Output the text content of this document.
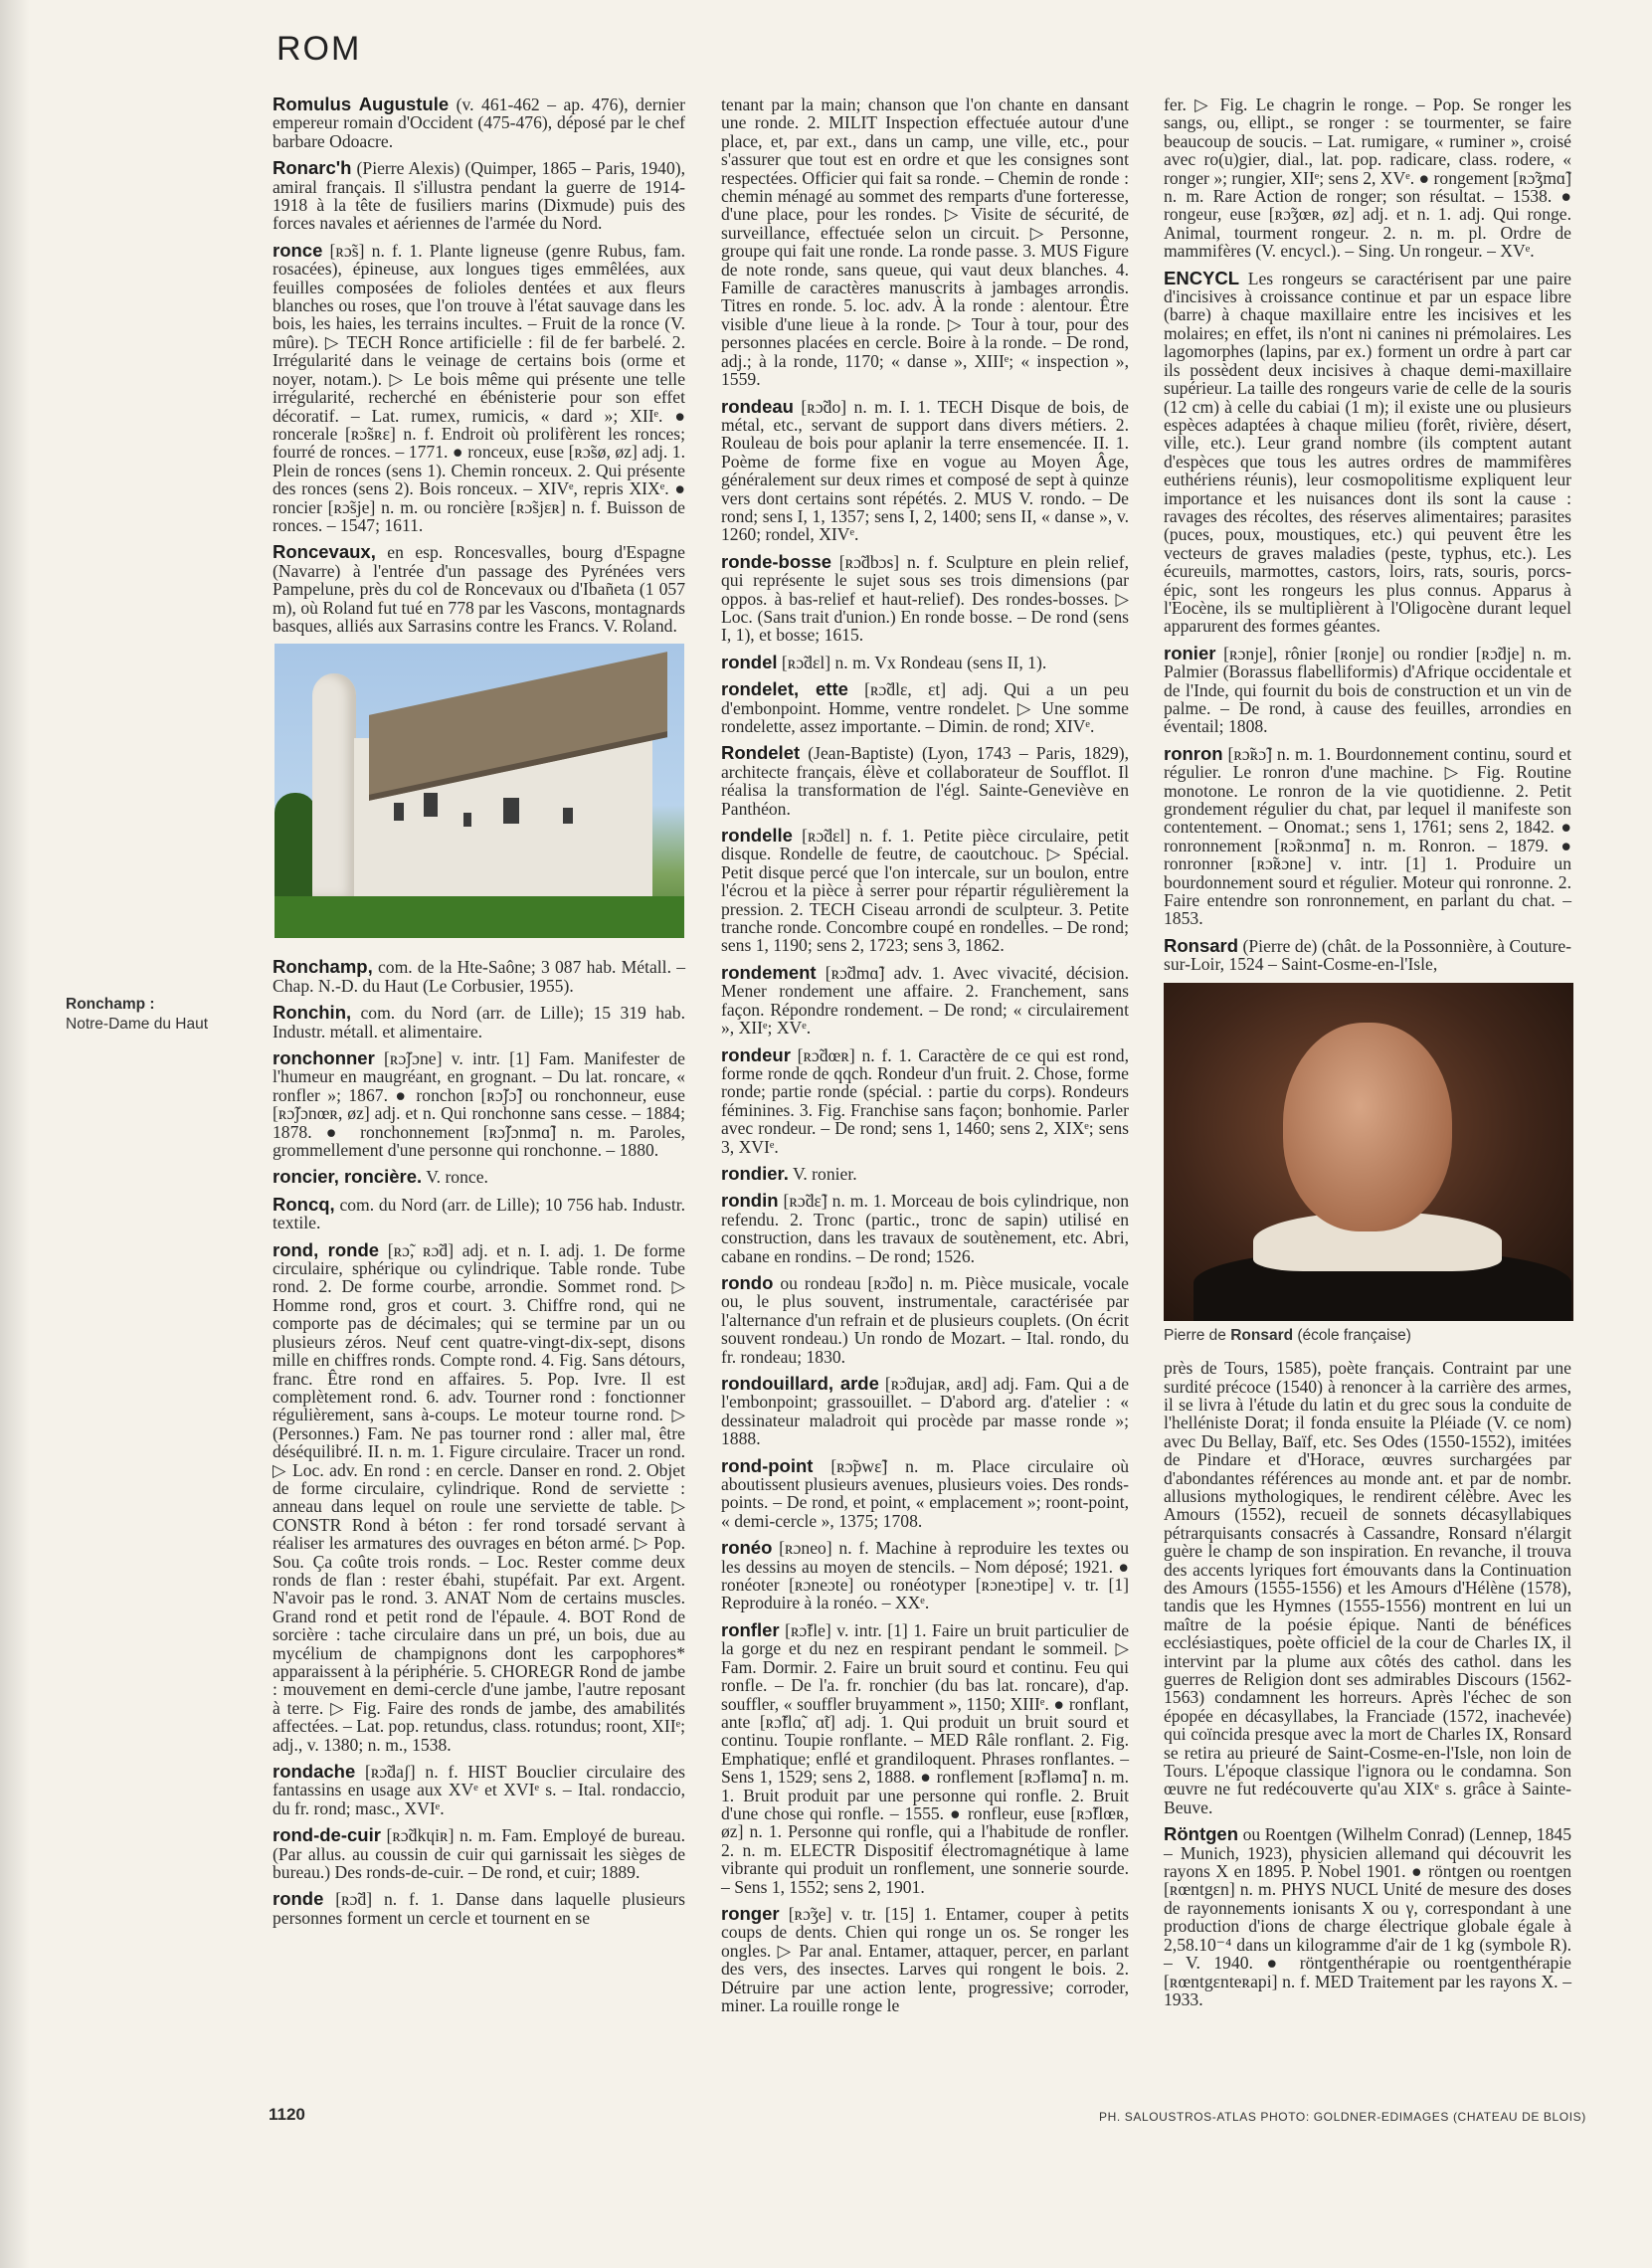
ROM

Romulus Augustule (v. 461-462 – ap. 476), dernier empereur romain d'Occident (475-476), déposé par le chef barbare Odoacre.

Ronarc'h (Pierre Alexis) (Quimper, 1865 – Paris, 1940), amiral français. Il s'illustra pendant la guerre de 1914-1918 à la tête de fusiliers marins (Dixmude) puis des forces navales et aériennes de l'armée du Nord.

ronce [ʀɔ̃s] n. f. 1. Plante ligneuse (genre Rubus, fam. rosacées), épineuse, aux longues tiges emmêlées, aux feuilles composées de folioles dentées et aux fleurs blanches ou roses, que l'on trouve à l'état sauvage dans les bois, les haies, les terrains incultes. – Fruit de la ronce (V. mûre). ▷ TECH Ronce artificielle : fil de fer barbelé. 2. Irrégularité dans le veinage de certains bois (orme et noyer, notam.). ▷ Le bois même qui présente une telle irrégularité, recherché en ébénisterie pour son effet décoratif. – Lat. rumex, rumicis, « dard »; XIIᵉ. ● roncerale [ʀɔ̃sʀɛ] n. f. Endroit où prolifèrent les ronces; fourré de ronces. – 1771. ● ronceux, euse [ʀɔ̃sø, øz] adj. 1. Plein de ronces (sens 1). Chemin ronceux. 2. Qui présente des ronces (sens 2). Bois ronceux. – XIVᵉ, repris XIXᵉ. ● roncier [ʀɔ̃sje] n. m. ou roncière [ʀɔ̃sjɛʀ] n. f. Buisson de ronces. – 1547; 1611.

Roncevaux, en esp. Roncesvalles, bourg d'Espagne (Navarre) à l'entrée d'un passage des Pyrénées vers Pampelune, près du col de Roncevaux ou d'Ibañeta (1 057 m), où Roland fut tué en 778 par les Vascons, montagnards basques, alliés aux Sarrasins contre les Francs. V. Roland.

Ronchamp, com. de la Hte-Saône; 3 087 hab. Métall. – Chap. N.-D. du Haut (Le Corbusier, 1955).

Ronchin, com. du Nord (arr. de Lille); 15 319 hab. Industr. métall. et alimentaire.

ronchonner [ʀɔ̃ʃɔne] v. intr. [1] Fam. Manifester de l'humeur en maugréant, en grognant. – Du lat. roncare, « ronfler »; 1867. ● ronchon [ʀɔ̃ʃɔ̃] ou ronchonneur, euse [ʀɔ̃ʃɔnœʀ, øz] adj. et n. Qui ronchonne sans cesse. – 1884; 1878. ● ronchonnement [ʀɔ̃ʃɔnmɑ̃] n. m. Paroles, grommellement d'une personne qui ronchonne. – 1880.

roncier, roncière. V. ronce.

Roncq, com. du Nord (arr. de Lille); 10 756 hab. Industr. textile.

rond, ronde [ʀɔ̃, ʀɔ̃d] adj. et n. I. adj. 1. De forme circulaire, sphérique ou cylindrique. Table ronde. Tube rond. 2. De forme courbe, arrondie. Sommet rond. ▷ Homme rond, gros et court. 3. Chiffre rond, qui ne comporte pas de décimales; qui se termine par un ou plusieurs zéros. Neuf cent quatre-vingt-dix-sept, disons mille en chiffres ronds. Compte rond. 4. Fig. Sans détours, franc. Être rond en affaires. 5. Pop. Ivre. Il est complètement rond. 6. adv. Tourner rond : fonctionner régulièrement, sans à-coups. Le moteur tourne rond. ▷ (Personnes.) Fam. Ne pas tourner rond : aller mal, être déséquilibré. II. n. m. 1. Figure circulaire. Tracer un rond. ▷ Loc. adv. En rond : en cercle. Danser en rond. 2. Objet de forme circulaire, cylindrique. Rond de serviette : anneau dans lequel on roule une serviette de table. ▷ CONSTR Rond à béton : fer rond torsadé servant à réaliser les armatures des ouvrages en béton armé. ▷ Pop. Sou. Ça coûte trois ronds. – Loc. Rester comme deux ronds de flan : rester ébahi, stupéfait. Par ext. Argent. N'avoir pas le rond. 3. ANAT Nom de certains muscles. Grand rond et petit rond de l'épaule. 4. BOT Rond de sorcière : tache circulaire dans un pré, un bois, due au mycélium de champignons dont les carpophores* apparaissent à la périphérie. 5. CHOREGR Rond de jambe : mouvement en demi-cercle d'une jambe, l'autre reposant à terre. ▷ Fig. Faire des ronds de jambe, des amabilités affectées. – Lat. pop. retundus, class. rotundus; roont, XIIᵉ; adj., v. 1380; n. m., 1538.

rondache [ʀɔ̃daʃ] n. f. HIST Bouclier circulaire des fantassins en usage aux XVᵉ et XVIᵉ s. – Ital. rondaccio, du fr. rond; masc., XVIᵉ.

rond-de-cuir [ʀɔ̃dkɥiʀ] n. m. Fam. Employé de bureau. (Par allus. au coussin de cuir qui garnissait les sièges de bureau.) Des ronds-de-cuir. – De rond, et cuir; 1889.

ronde [ʀɔ̃d] n. f. 1. Danse dans laquelle plusieurs personnes forment un cercle et tournent en se

Ronchamp :
Notre-Dame du Haut

tenant par la main; chanson que l'on chante en dansant une ronde. 2. MILIT Inspection effectuée autour d'une place, et, par ext., dans un camp, une ville, etc., pour s'assurer que tout est en ordre et que les consignes sont respectées. Officier qui fait sa ronde. – Chemin de ronde : chemin ménagé au sommet des remparts d'une forteresse, d'une place, pour les rondes. ▷ Visite de sécurité, de surveillance, effectuée selon un circuit. ▷ Personne, groupe qui fait une ronde. La ronde passe. 3. MUS Figure de note ronde, sans queue, qui vaut deux blanches. 4. Famille de caractères manuscrits à jambages arrondis. Titres en ronde. 5. loc. adv. À la ronde : alentour. Être visible d'une lieue à la ronde. ▷ Tour à tour, pour des personnes placées en cercle. Boire à la ronde. – De rond, adj.; à la ronde, 1170; « danse », XIIIᵉ; « inspection », 1559.

rondeau [ʀɔ̃do] n. m. I. 1. TECH Disque de bois, de métal, etc., servant de support dans divers métiers. 2. Rouleau de bois pour aplanir la terre ensemencée. II. 1. Poème de forme fixe en vogue au Moyen Âge, généralement sur deux rimes et composé de sept à quinze vers dont certains sont répétés. 2. MUS V. rondo. – De rond; sens I, 1, 1357; sens I, 2, 1400; sens II, « danse », v. 1260; rondel, XIVᵉ.

ronde-bosse [ʀɔ̃dbɔs] n. f. Sculpture en plein relief, qui représente le sujet sous ses trois dimensions (par oppos. à bas-relief et haut-relief). Des rondes-bosses. ▷ Loc. (Sans trait d'union.) En ronde bosse. – De rond (sens I, 1), et bosse; 1615.

rondel [ʀɔ̃dɛl] n. m. Vx Rondeau (sens II, 1).

rondelet, ette [ʀɔ̃dlɛ, ɛt] adj. Qui a un peu d'embonpoint. Homme, ventre rondelet. ▷ Une somme rondelette, assez importante. – Dimin. de rond; XIVᵉ.

Rondelet (Jean-Baptiste) (Lyon, 1743 – Paris, 1829), architecte français, élève et collaborateur de Soufflot. Il réalisa la transformation de l'égl. Sainte-Geneviève en Panthéon.

rondelle [ʀɔ̃dɛl] n. f. 1. Petite pièce circulaire, petit disque. Rondelle de feutre, de caoutchouc. ▷ Spécial. Petit disque percé que l'on intercale, sur un boulon, entre l'écrou et la pièce à serrer pour répartir régulièrement la pression. 2. TECH Ciseau arrondi de sculpteur. 3. Petite tranche ronde. Concombre coupé en rondelles. – De rond; sens 1, 1190; sens 2, 1723; sens 3, 1862.

rondement [ʀɔ̃dmɑ̃] adv. 1. Avec vivacité, décision. Mener rondement une affaire. 2. Franchement, sans façon. Répondre rondement. – De rond; « circulairement », XIIᵉ; XVᵉ.

rondeur [ʀɔ̃dœʀ] n. f. 1. Caractère de ce qui est rond, forme ronde de qqch. Rondeur d'un fruit. 2. Chose, forme ronde; partie ronde (spécial. : partie du corps). Rondeurs féminines. 3. Fig. Franchise sans façon; bonhomie. Parler avec rondeur. – De rond; sens 1, 1460; sens 2, XIXᵉ; sens 3, XVIᵉ.

rondier. V. ronier.

rondin [ʀɔ̃dɛ̃] n. m. 1. Morceau de bois cylindrique, non refendu. 2. Tronc (partic., tronc de sapin) utilisé en construction, dans les travaux de soutènement, etc. Abri, cabane en rondins. – De rond; 1526.

rondo ou rondeau [ʀɔ̃do] n. m. Pièce musicale, vocale ou, le plus souvent, instrumentale, caractérisée par l'alternance d'un refrain et de plusieurs couplets. (On écrit souvent rondeau.) Un rondo de Mozart. – Ital. rondo, du fr. rondeau; 1830.

rondouillard, arde [ʀɔ̃dujaʀ, aʀd] adj. Fam. Qui a de l'embonpoint; grassouillet. – D'abord arg. d'atelier : « dessinateur maladroit qui procède par masse ronde »; 1888.

rond-point [ʀɔ̃pwɛ̃] n. m. Place circulaire où aboutissent plusieurs avenues, plusieurs voies. Des ronds-points. – De rond, et point, « emplacement »; roont-point, « demi-cercle », 1375; 1708.

ronéo [ʀɔneo] n. f. Machine à reproduire les textes ou les dessins au moyen de stencils. – Nom déposé; 1921. ● ronéoter [ʀɔneɔte] ou ronéotyper [ʀɔneɔtipe] v. tr. [1] Reproduire à la ronéo. – XXᵉ.

ronfler [ʀɔ̃fle] v. intr. [1] 1. Faire un bruit particulier de la gorge et du nez en respirant pendant le sommeil. ▷ Fam. Dormir. 2. Faire un bruit sourd et continu. Feu qui ronfle. – De l'a. fr. ronchier (du bas lat. roncare), d'ap. souffler, « souffler bruyamment », 1150; XIIIᵉ. ● ronflant, ante [ʀɔ̃flɑ̃, ɑ̃t] adj. 1. Qui produit un bruit sourd et continu. Toupie ronflante. – MED Râle ronflant. 2. Fig. Emphatique; enflé et grandiloquent. Phrases ronflantes. – Sens 1, 1529; sens 2, 1888. ● ronflement [ʀɔ̃fləmɑ̃] n. m. 1. Bruit produit par une personne qui ronfle. 2. Bruit d'une chose qui ronfle. – 1555. ● ronfleur, euse [ʀɔ̃flœʀ, øz] n. 1. Personne qui ronfle, qui a l'habitude de ronfler. 2. n. m. ELECTR Dispositif électromagnétique à lame vibrante qui produit un ronflement, une sonnerie sourde. – Sens 1, 1552; sens 2, 1901.

ronger [ʀɔ̃ʒe] v. tr. [15] 1. Entamer, couper à petits coups de dents. Chien qui ronge un os. Se ronger les ongles. ▷ Par anal. Entamer, attaquer, percer, en parlant des vers, des insectes. Larves qui rongent le bois. 2. Détruire par une action lente, progressive; corroder, miner. La rouille ronge le

fer. ▷ Fig. Le chagrin le ronge. – Pop. Se ronger les sangs, ou, ellipt., se ronger : se tourmenter, se faire beaucoup de soucis. – Lat. rumigare, « ruminer », croisé avec ro(u)gier, dial., lat. pop. radicare, class. rodere, « ronger »; rungier, XIIᵉ; sens 2, XVᵉ. ● rongement [ʀɔ̃ʒmɑ̃] n. m. Rare Action de ronger; son résultat. – 1538. ● rongeur, euse [ʀɔ̃ʒœʀ, øz] adj. et n. 1. adj. Qui ronge. Animal, tourment rongeur. 2. n. m. pl. Ordre de mammifères (V. encycl.). – Sing. Un rongeur. – XVᵉ.

ENCYCL Les rongeurs se caractérisent par une paire d'incisives à croissance continue et par un espace libre (barre) à chaque maxillaire entre les incisives et les molaires; en effet, ils n'ont ni canines ni prémolaires. Les lagomorphes (lapins, par ex.) forment un ordre à part car ils possèdent deux incisives à chaque demi-maxillaire supérieur. La taille des rongeurs varie de celle de la souris (12 cm) à celle du cabiai (1 m); il existe une ou plusieurs espèces adaptées à chaque milieu (forêt, rivière, désert, ville, etc.). Leur grand nombre (ils comptent autant d'espèces que tous les autres ordres de mammifères euthériens réunis), leur cosmopolitisme expliquent leur importance et les nuisances dont ils sont la cause : ravages des récoltes, des réserves alimentaires; parasites (puces, poux, moustiques, etc.) qui peuvent être les vecteurs de graves maladies (peste, typhus, etc.). Les écureuils, marmottes, castors, loirs, rats, souris, porcs-épic, sont les rongeurs les plus connus. Apparus à l'Eocène, ils se multiplièrent à l'Oligocène durant lequel apparurent des formes géantes.

ronier [ʀɔnje], rônier [ʀonje] ou rondier [ʀɔ̃dje] n. m. Palmier (Borassus flabelliformis) d'Afrique occidentale et de l'Inde, qui fournit du bois de construction et un vin de palme. – De rond, à cause des feuilles, arrondies en éventail; 1808.

ronron [ʀɔ̃ʀɔ̃] n. m. 1. Bourdonnement continu, sourd et régulier. Le ronron d'une machine. ▷ Fig. Routine monotone. Le ronron de la vie quotidienne. 2. Petit grondement régulier du chat, par lequel il manifeste son contentement. – Onomat.; sens 1, 1761; sens 2, 1842. ● ronronnement [ʀɔ̃ʀɔnmɑ̃] n. m. Ronron. – 1879. ● ronronner [ʀɔ̃ʀɔne] v. intr. [1] 1. Produire un bourdonnement sourd et régulier. Moteur qui ronronne. 2. Faire entendre son ronronnement, en parlant du chat. – 1853.

Ronsard (Pierre de) (chât. de la Possonnière, à Couture-sur-Loir, 1524 – Saint-Cosme-en-l'Isle,

Pierre de Ronsard (école française)

près de Tours, 1585), poète français. Contraint par une surdité précoce (1540) à renoncer à la carrière des armes, il se livra à l'étude du latin et du grec sous la conduite de l'helléniste Dorat; il fonda ensuite la Pléiade (V. ce nom) avec Du Bellay, Baïf, etc. Ses Odes (1550-1552), imitées de Pindare et d'Horace, œuvres surchargées par d'abondantes références au monde ant. et par de nombr. allusions mythologiques, le rendirent célèbre. Avec les Amours (1552), recueil de sonnets décasyllabiques pétrarquisants consacrés à Cassandre, Ronsard n'élargit guère le champ de son inspiration. En revanche, il trouva des accents lyriques fort émouvants dans la Continuation des Amours (1555-1556) et les Amours d'Hélène (1578), tandis que les Hymnes (1555-1556) montrent en lui un maître de la poésie épique. Nanti de bénéfices ecclésiastiques, poète officiel de la cour de Charles IX, il intervint par la plume aux côtés des cathol. dans les guerres de Religion dont ses admirables Discours (1562-1563) condamnent les horreurs. Après l'échec de son épopée en décasyllabes, la Franciade (1572, inachevée) qui coïncida presque avec la mort de Charles IX, Ronsard se retira au prieuré de Saint-Cosme-en-l'Isle, non loin de Tours. L'époque classique l'ignora ou le condamna. Son œuvre ne fut redécouverte qu'au XIXᵉ s. grâce à Sainte-Beuve.

Röntgen ou Roentgen (Wilhelm Conrad) (Lennep, 1845 – Munich, 1923), physicien allemand qui découvrit les rayons X en 1895. P. Nobel 1901. ● röntgen ou roentgen [ʀœntgɛn] n. m. PHYS NUCL Unité de mesure des doses de rayonnements ionisants X ou γ, correspondant à une production d'ions de charge électrique globale égale à 2,58.10⁻⁴ dans un kilogramme d'air de 1 kg (symbole R). – V. 1940. ● röntgenthérapie ou roentgenthérapie [ʀœntgɛnteʀapi] n. f. MED Traitement par les rayons X. – 1933.

1120	PH. SALOUSTROS-ATLAS PHOTO: GOLDNER-EDIMAGES (CHATEAU DE BLOIS)
